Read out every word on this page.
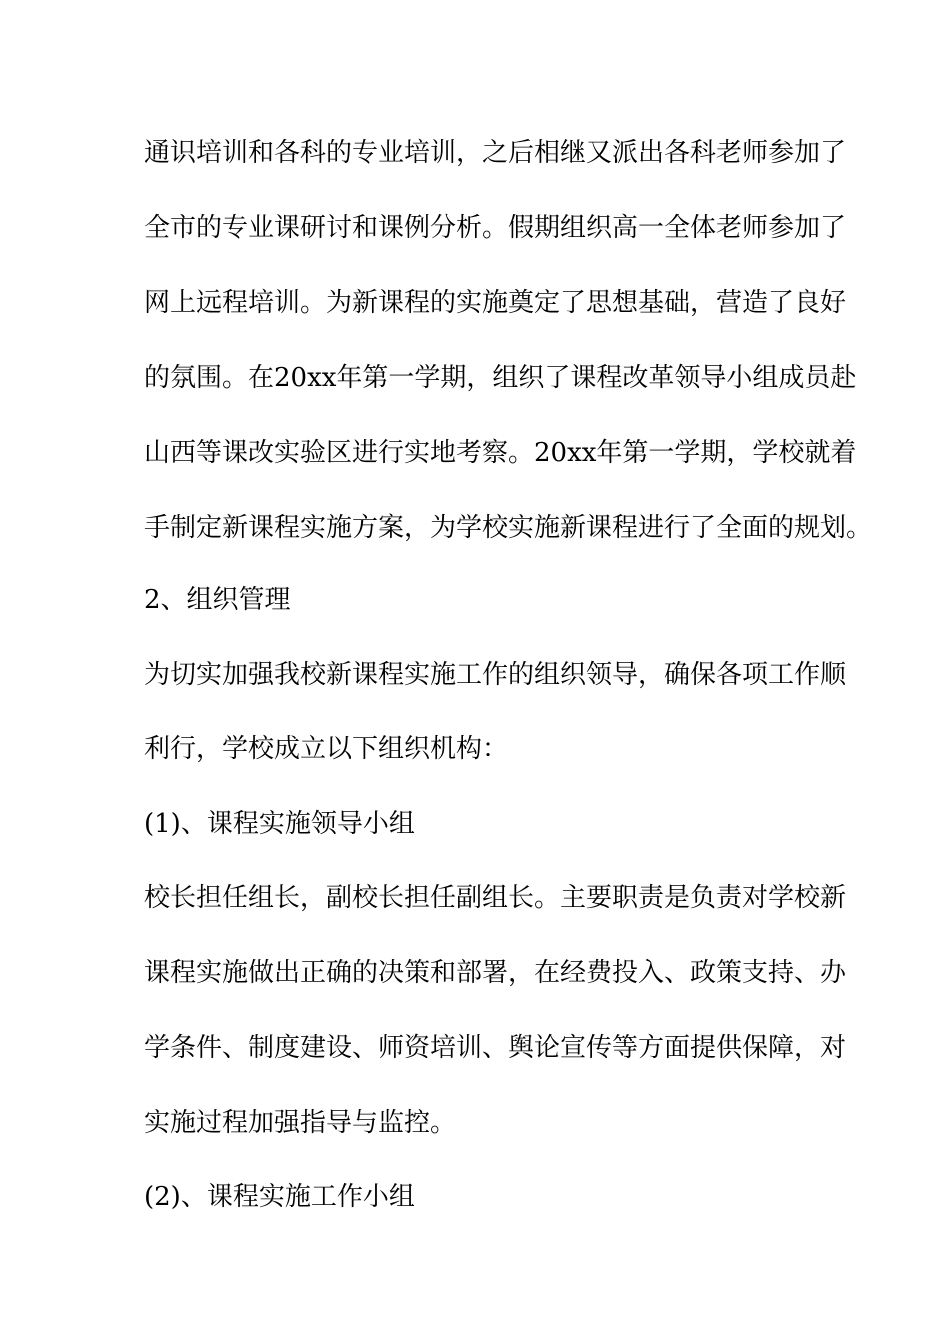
通识培训和各科的专业培训，之后相继又派出各科老师参加了
全市的专业课研讨和课例分析。假期组织高一全体老师参加了
网上远程培训。为新课程的实施奠定了思想基础，营造了良好
的氛围。在20xx年第一学期，组织了课程改革领导小组成员赴
山西等课改实验区进行实地考察。20xx年第一学期，学校就着
手制定新课程实施方案，为学校实施新课程进行了全面的规划。
2、组织管理
为切实加强我校新课程实施工作的组织领导，确保各项工作顺
利行，学校成立以下组织机构：
(1)、课程实施领导小组
校长担任组长，副校长担任副组长。主要职责是负责对学校新
课程实施做出正确的决策和部署，在经费投入、政策支持、办
学条件、制度建设、师资培训、舆论宣传等方面提供保障，对
实施过程加强指导与监控。
(2)、课程实施工作小组
